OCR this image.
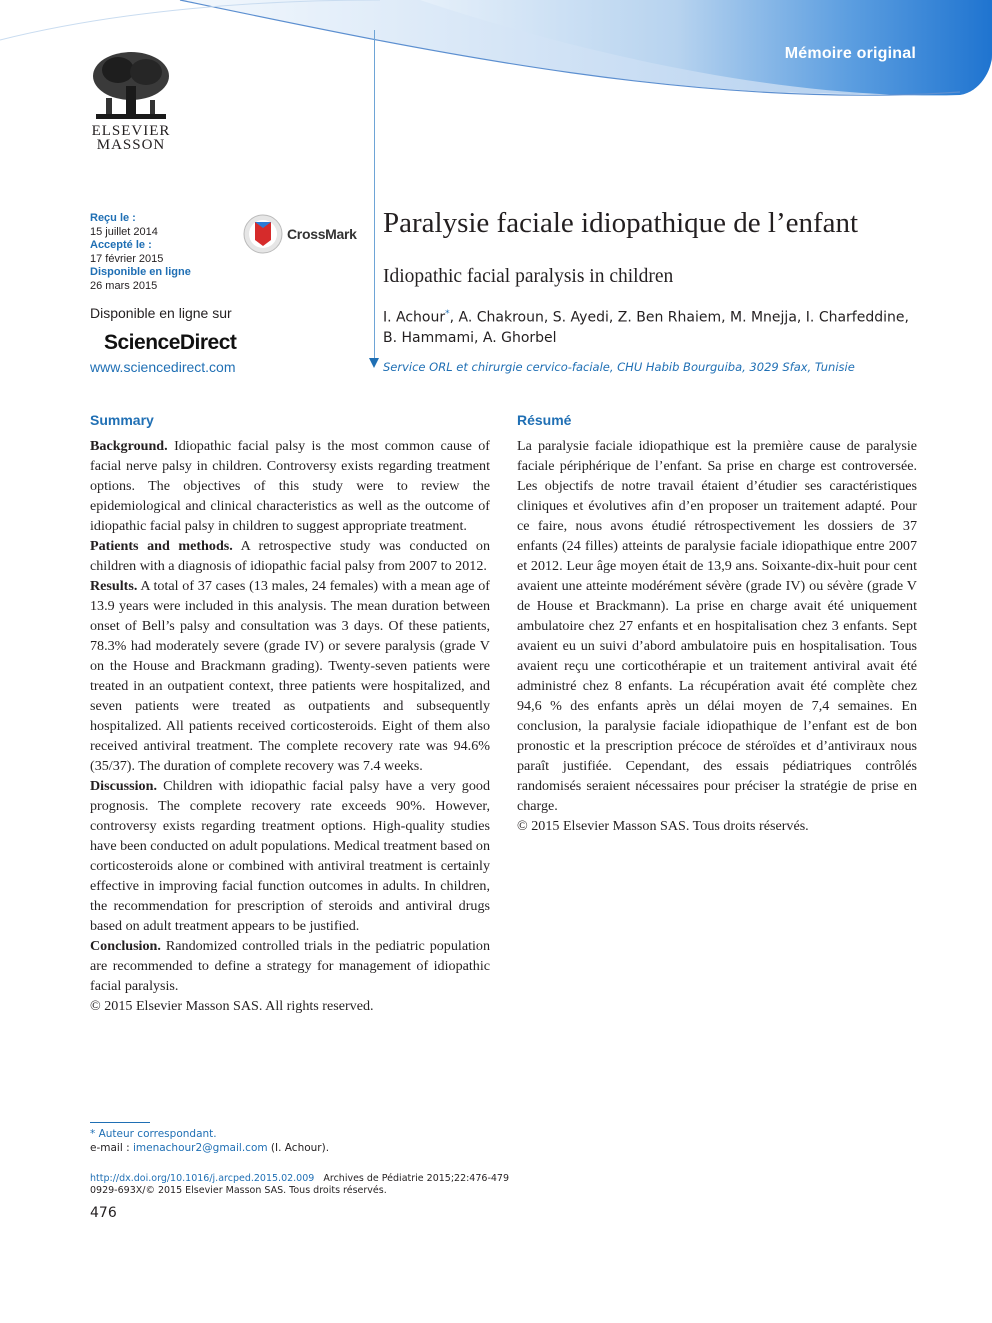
Mémoire original
ELSEVIER
MASSON
Reçu le :
15 juillet 2014
Accepté le :
17 février 2015
Disponible en ligne
26 mars 2015
CrossMark
Disponible en ligne sur
ScienceDirect
www.sciencedirect.com
Paralysie faciale idiopathique de l’enfant
Idiopathic facial paralysis in children
I. Achour*, A. Chakroun, S. Ayedi, Z. Ben Rhaiem, M. Mnejja, I. Charfeddine, B. Hammami, A. Ghorbel
Service ORL et chirurgie cervico-faciale, CHU Habib Bourguiba, 3029 Sfax, Tunisie
Summary

Background. Idiopathic facial palsy is the most common cause of facial nerve palsy in children. Controversy exists regarding treatment options. The objectives of this study were to review the epidemiological and clinical characteristics as well as the outcome of idiopathic facial palsy in children to suggest appropriate treatment.

Patients and methods. A retrospective study was conducted on children with a diagnosis of idiopathic facial palsy from 2007 to 2012.

Results. A total of 37 cases (13 males, 24 females) with a mean age of 13.9 years were included in this analysis. The mean duration between onset of Bell’s palsy and consultation was 3 days. Of these patients, 78.3% had moderately severe (grade IV) or severe paralysis (grade V on the House and Brackmann grading). Twenty-seven patients were treated in an outpatient context, three patients were hospitalized, and seven patients were treated as outpatients and subsequently hospitalized. All patients received corticosteroids. Eight of them also received antiviral treatment. The complete recovery rate was 94.6% (35/37). The duration of complete recovery was 7.4 weeks.

Discussion. Children with idiopathic facial palsy have a very good prognosis. The complete recovery rate exceeds 90%. However, controversy exists regarding treatment options. High-quality studies have been conducted on adult populations. Medical treatment based on corticosteroids alone or combined with antiviral treatment is certainly effective in improving facial function outcomes in adults. In children, the recommendation for prescription of steroids and antiviral drugs based on adult treatment appears to be justified.

Conclusion. Randomized controlled trials in the pediatric population are recommended to define a strategy for management of idiopathic facial paralysis.

© 2015 Elsevier Masson SAS. All rights reserved.

Résumé

La paralysie faciale idiopathique est la première cause de paralysie faciale périphérique de l’enfant. Sa prise en charge est controversée. Les objectifs de notre travail étaient d’étudier ses caractéristiques cliniques et évolutives afin d’en proposer un traitement adapté. Pour ce faire, nous avons étudié rétrospectivement les dossiers de 37 enfants (24 filles) atteints de paralysie faciale idiopathique entre 2007 et 2012. Leur âge moyen était de 13,9 ans. Soixante-dix-huit pour cent avaient une atteinte modérément sévère (grade IV) ou sévère (grade V de House et Brackmann). La prise en charge avait été uniquement ambulatoire chez 27 enfants et en hospitalisation chez 3 enfants. Sept avaient eu un suivi d’abord ambulatoire puis en hospitalisation. Tous avaient reçu une corticothérapie et un traitement antiviral avait été administré chez 8 enfants. La récupération avait été complète chez 94,6 % des enfants après un délai moyen de 7,4 semaines. En conclusion, la paralysie faciale idiopathique de l’enfant est de bon pronostic et la prescription précoce de stéroïdes et d’antiviraux nous paraît justifiée. Cependant, des essais pédiatriques contrôlés randomisés seraient nécessaires pour préciser la stratégie de prise en charge.

© 2015 Elsevier Masson SAS. Tous droits réservés.

* Auteur correspondant.
e-mail : imenachour2@gmail.com (I. Achour).
http://dx.doi.org/10.1016/j.arcped.2015.02.009 Archives de Pédiatrie 2015;22:476-479
0929-693X/© 2015 Elsevier Masson SAS. Tous droits réservés.
476
